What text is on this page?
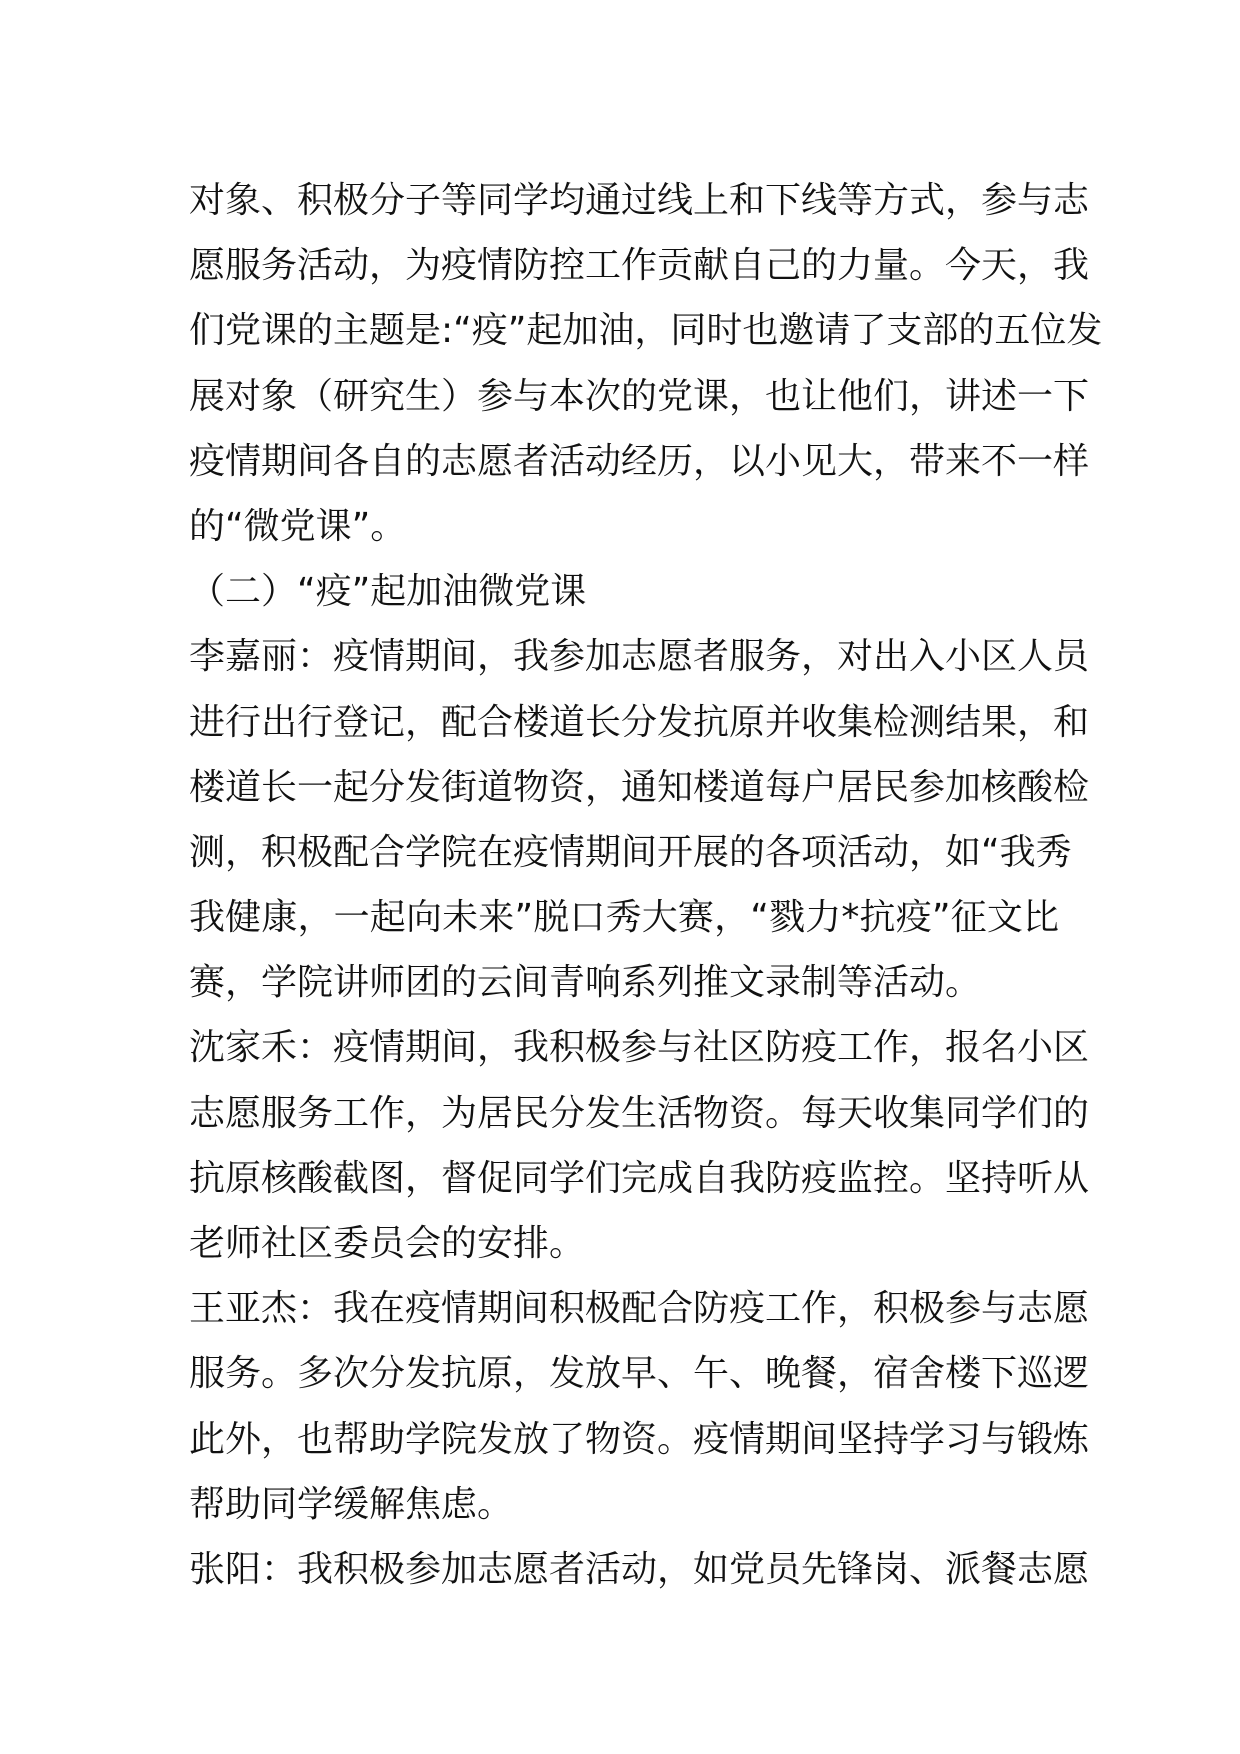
对象、积极分子等同学均通过线上和下线等方式，参与志
愿服务活动，为疫情防控工作贡献自己的力量。今天，我
们党课的主题是:“疫”起加油，同时也邀请了支部的五位发
展对象（研究生）参与本次的党课，也让他们，讲述一下
疫情期间各自的志愿者活动经历，以小见大，带来不一样
的“微党课”。
（二）“疫”起加油微党课
李嘉丽：疫情期间，我参加志愿者服务，对出入小区人员
进行出行登记，配合楼道长分发抗原并收集检测结果，和
楼道长一起分发街道物资，通知楼道每户居民参加核酸检
测，积极配合学院在疫情期间开展的各项活动，如“我秀
我健康，一起向未来”脱口秀大赛，“戮力*抗疫”征文比
赛，学院讲师团的云间青响系列推文录制等活动。
沈家禾：疫情期间，我积极参与社区防疫工作，报名小区
志愿服务工作，为居民分发生活物资。每天收集同学们的
抗原核酸截图，督促同学们完成自我防疫监控。坚持听从
老师社区委员会的安排。
王亚杰：我在疫情期间积极配合防疫工作，积极参与志愿
服务。多次分发抗原，发放早、午、晚餐，宿舍楼下巡逻
此外，也帮助学院发放了物资。疫情期间坚持学习与锻炼
帮助同学缓解焦虑。
张阳：我积极参加志愿者活动，如党员先锋岗、派餐志愿
